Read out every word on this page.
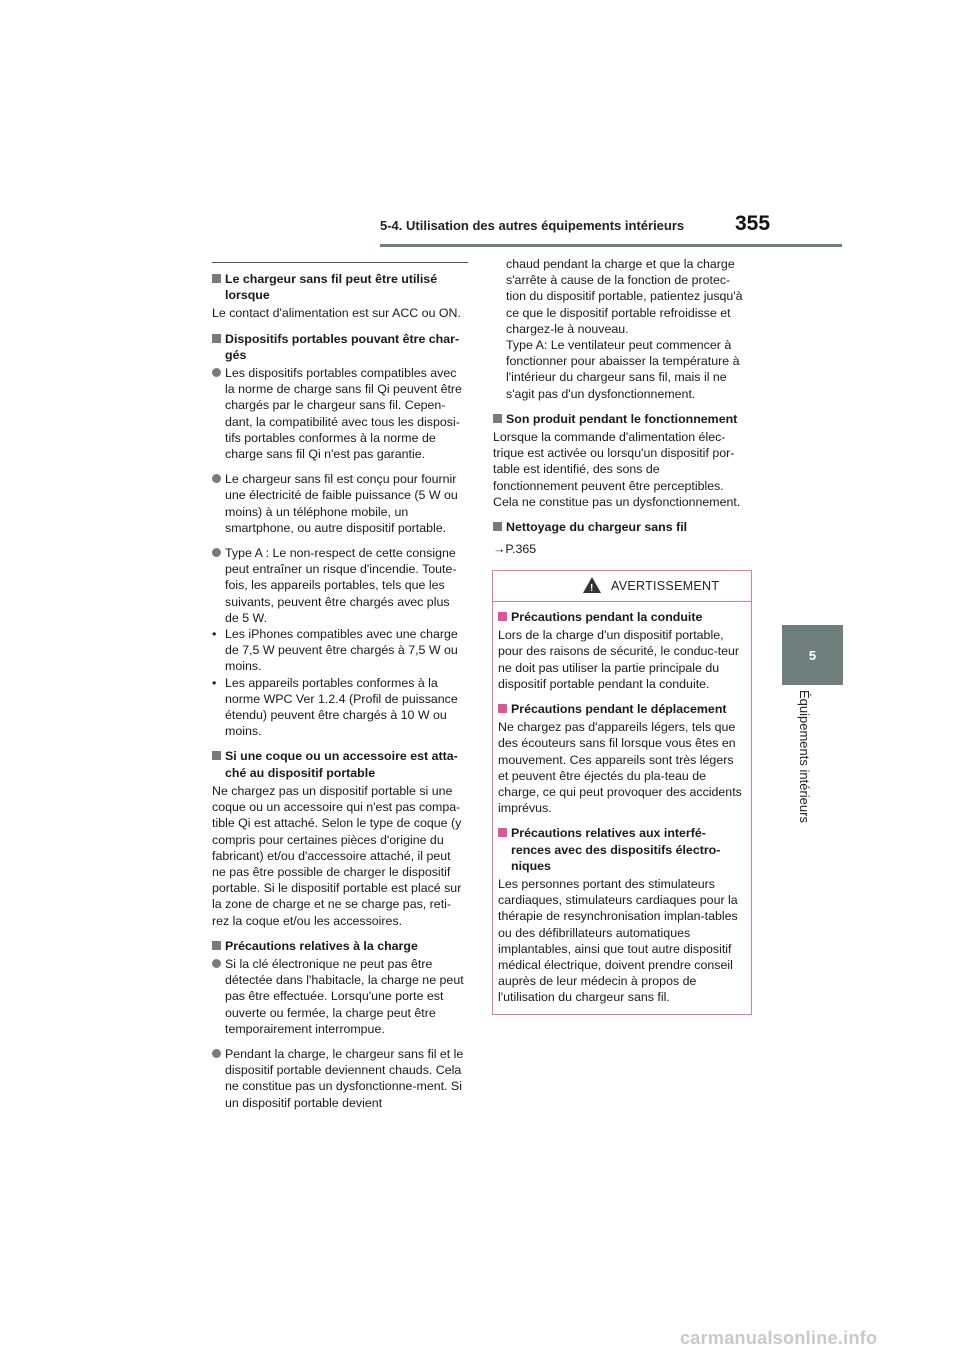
5-4. Utilisation des autres équipements intérieurs 355
5
Équipements intérieurs
Le chargeur sans fil peut être utilisé lorsque

Le contact d'alimentation est sur ACC ou ON.

Dispositifs portables pouvant être char-gés
Les dispositifs portables compatibles avec la norme de charge sans fil Qi peuvent être chargés par le chargeur sans fil. Cepen-dant, la compatibilité avec tous les disposi-tifs portables conformes à la norme de charge sans fil Qi n'est pas garantie.
Le chargeur sans fil est conçu pour fournir une électricité de faible puissance (5 W ou moins) à un téléphone mobile, un smartphone, ou autre dispositif portable.
Type A : Le non-respect de cette consigne peut entraîner un risque d'incendie. Toute-fois, les appareils portables, tels que les suivants, peuvent être chargés avec plus de 5 W.
• Les iPhones compatibles avec une charge de 7,5 W peuvent être chargés à 7,5 W ou moins.
• Les appareils portables conformes à la norme WPC Ver 1.2.4 (Profil de puissance étendu) peuvent être chargés à 10 W ou moins.
Si une coque ou un accessoire est atta-ché au dispositif portable

Ne chargez pas un dispositif portable si une coque ou un accessoire qui n'est pas compa-tible Qi est attaché. Selon le type de coque (y compris pour certaines pièces d'origine du fabricant) et/ou d'accessoire attaché, il peut ne pas être possible de charger le dispositif portable. Si le dispositif portable est placé sur la zone de charge et ne se charge pas, reti-rez la coque et/ou les accessoires.

Précautions relatives à la charge
Si la clé électronique ne peut pas être détectée dans l'habitacle, la charge ne peut pas être effectuée. Lorsqu'une porte est ouverte ou fermée, la charge peut être temporairement interrompue.
Pendant la charge, le chargeur sans fil et le dispositif portable deviennent chauds. Cela ne constitue pas un dysfonctionne-ment. Si un dispositif portable devient
chaud pendant la charge et que la charge s'arrête à cause de la fonction de protec-tion du dispositif portable, patientez jusqu'à ce que le dispositif portable refroidisse et chargez-le à nouveau.
Type A: Le ventilateur peut commencer à fonctionner pour abaisser la température à l'intérieur du chargeur sans fil, mais il ne s'agit pas d'un dysfonctionnement.
Son produit pendant le fonctionnement

Lorsque la commande d'alimentation élec-trique est activée ou lorsqu'un dispositif por-table est identifié, des sons de fonctionnement peuvent être perceptibles. Cela ne constitue pas un dysfonctionnement.

Nettoyage du chargeur sans fil

→P.365

! AVERTISSEMENT
Précautions pendant la conduite

Lors de la charge d'un dispositif portable, pour des raisons de sécurité, le conduc-teur ne doit pas utiliser la partie principale du dispositif portable pendant la conduite.

Précautions pendant le déplacement

Ne chargez pas d'appareils légers, tels que des écouteurs sans fil lorsque vous êtes en mouvement. Ces appareils sont très légers et peuvent être éjectés du pla-teau de charge, ce qui peut provoquer des accidents imprévus.

Précautions relatives aux interfé-rences avec des dispositifs électro-niques

Les personnes portant des stimulateurs cardiaques, stimulateurs cardiaques pour la thérapie de resynchronisation implan-tables ou des défibrillateurs automatiques implantables, ainsi que tout autre dispositif médical électrique, doivent prendre conseil auprès de leur médecin à propos de l'utilisation du chargeur sans fil.

carmanualsonline.info
